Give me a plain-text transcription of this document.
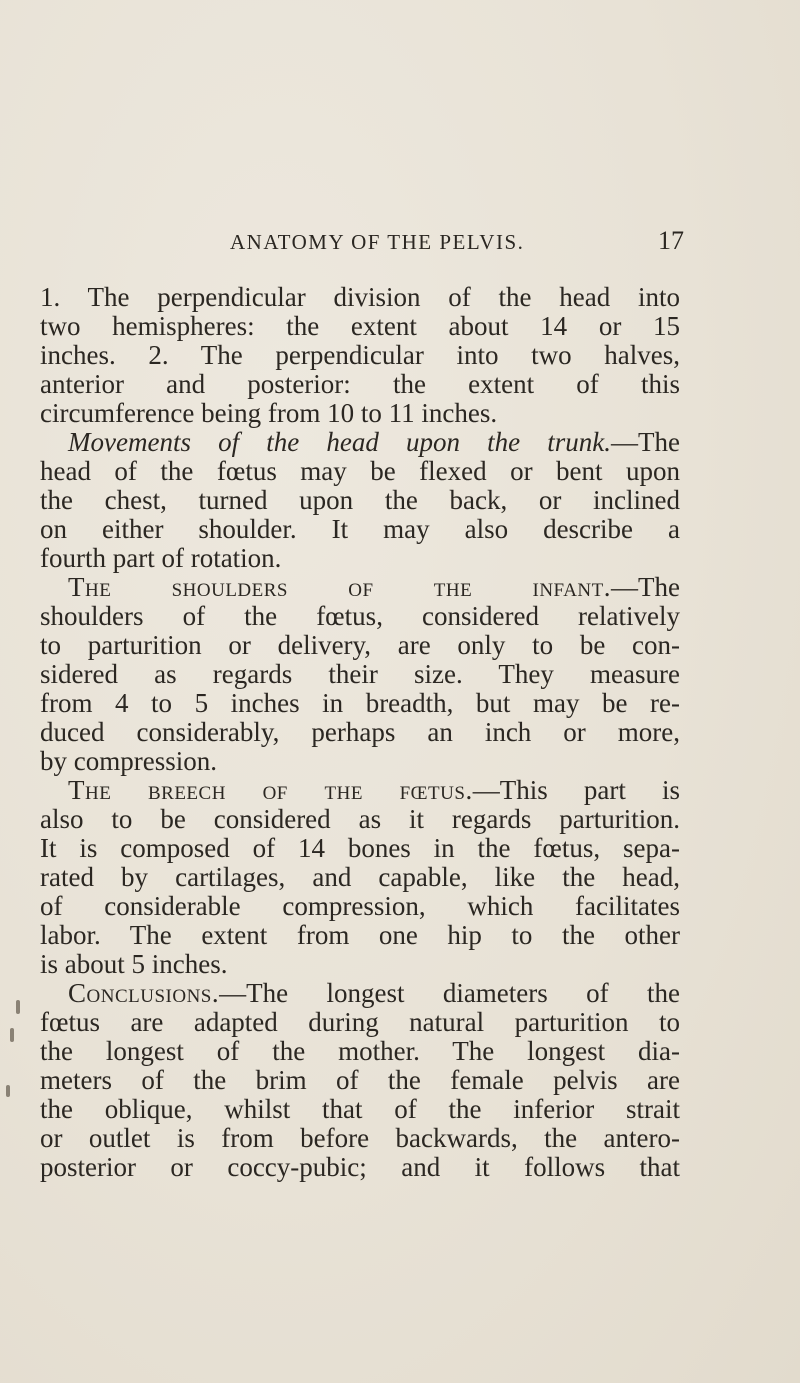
ANATOMY OF THE PELVIS.	17
1. The perpendicular division of the head into
two hemispheres: the extent about 14 or 15
inches. 2. The perpendicular into two halves,
anterior and posterior: the extent of this
circumference being from 10 to 11 inches.
Movements of the head upon the trunk.—The
head of the fœtus may be flexed or bent upon
the chest, turned upon the back, or inclined
on either shoulder. It may also describe a
fourth part of rotation.
The shoulders of the infant.—The
shoulders of the fœtus, considered relatively
to parturition or delivery, are only to be con-
sidered as regards their size. They measure
from 4 to 5 inches in breadth, but may be re-
duced considerably, perhaps an inch or more,
by compression.
The breech of the fœtus.—This part is
also to be considered as it regards parturition.
It is composed of 14 bones in the fœtus, sepa-
rated by cartilages, and capable, like the head,
of considerable compression, which facilitates
labor. The extent from one hip to the other
is about 5 inches.
Conclusions.—The longest diameters of the
fœtus are adapted during natural parturition to
the longest of the mother. The longest dia-
meters of the brim of the female pelvis are
the oblique, whilst that of the inferior strait
or outlet is from before backwards, the antero-
posterior or coccy-pubic; and it follows that
